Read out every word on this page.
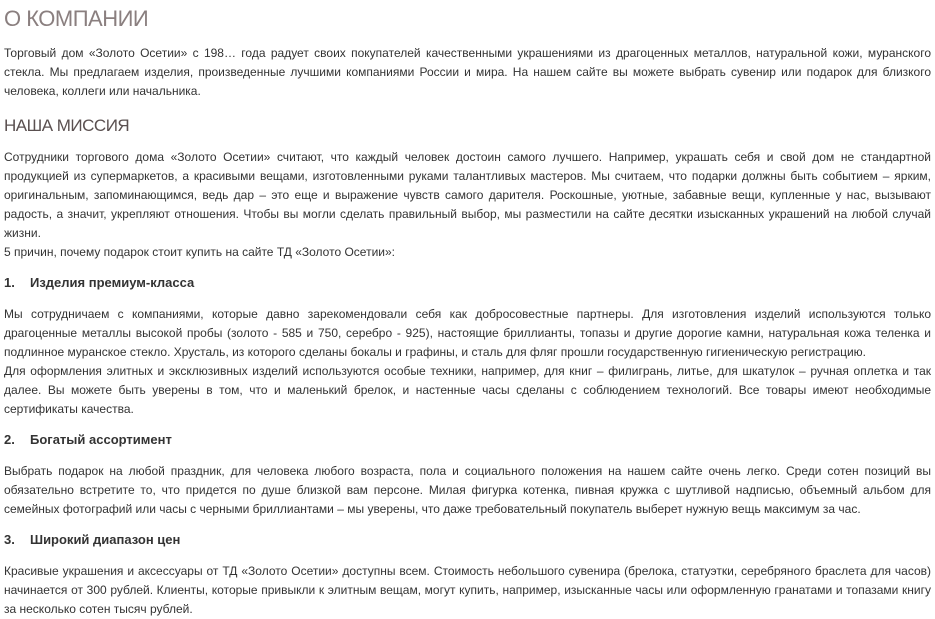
О КОМПАНИИ

Торговый дом «Золото Осетии» с 198… года радует своих покупателей качественными украшениями из драгоценных металлов, натуральной кожи, муранского стекла. Мы предлагаем изделия, произведенные лучшими компаниями России и мира. На нашем сайте вы можете выбрать сувенир или подарок для близкого человека, коллеги или начальника.

НАША МИССИЯ

Сотрудники торгового дома «Золото Осетии» считают, что каждый человек достоин самого лучшего. Например, украшать себя и свой дом не стандартной продукцией из супермаркетов, а красивыми вещами, изготовленными руками талантливых мастеров. Мы считаем, что подарки должны быть событием – ярким, оригинальным, запоминающимся, ведь дар – это еще и выражение чувств самого дарителя. Роскошные, уютные, забавные вещи, купленные у нас, вызывают радость, а значит, укрепляют отношения. Чтобы вы могли сделать правильный выбор, мы разместили на сайте десятки изысканных украшений на любой случай жизни.

5 причин, почему подарок стоит купить на сайте ТД «Золото Осетии»:

1.	Изделия премиум-класса

Мы сотрудничаем с компаниями, которые давно зарекомендовали себя как добросовестные партнеры. Для изготовления изделий используются только драгоценные металлы высокой пробы (золото - 585 и 750, серебро - 925), настоящие бриллианты, топазы и другие дорогие камни, натуральная кожа теленка и подлинное муранское стекло. Хрусталь, из которого сделаны бокалы и графины, и сталь для фляг прошли государственную гигиеническую регистрацию.

Для оформления элитных и эксклюзивных изделий используются особые техники, например, для книг – филигрань, литье, для шкатулок – ручная оплетка и так далее. Вы можете быть уверены в том, что и маленький брелок, и настенные часы сделаны с соблюдением технологий. Все товары имеют необходимые сертификаты качества.

2.	Богатый ассортимент

Выбрать подарок на любой праздник, для человека любого возраста, пола и социального положения на нашем сайте очень легко. Среди сотен позиций вы обязательно встретите то, что придется по душе близкой вам персоне. Милая фигурка котенка, пивная кружка с шутливой надписью, объемный альбом для семейных фотографий или часы с черными бриллиантами – мы уверены, что даже требовательный покупатель выберет нужную вещь максимум за час.

3.	Широкий диапазон цен

Красивые украшения и аксессуары от ТД «Золото Осетии» доступны всем. Стоимость небольшого сувенира (брелока, статуэтки, серебряного браслета для часов) начинается от 300 рублей. Клиенты, которые привыкли к элитным вещам, могут купить, например, изысканные часы или оформленную гранатами и топазами книгу за несколько сотен тысяч рублей.
